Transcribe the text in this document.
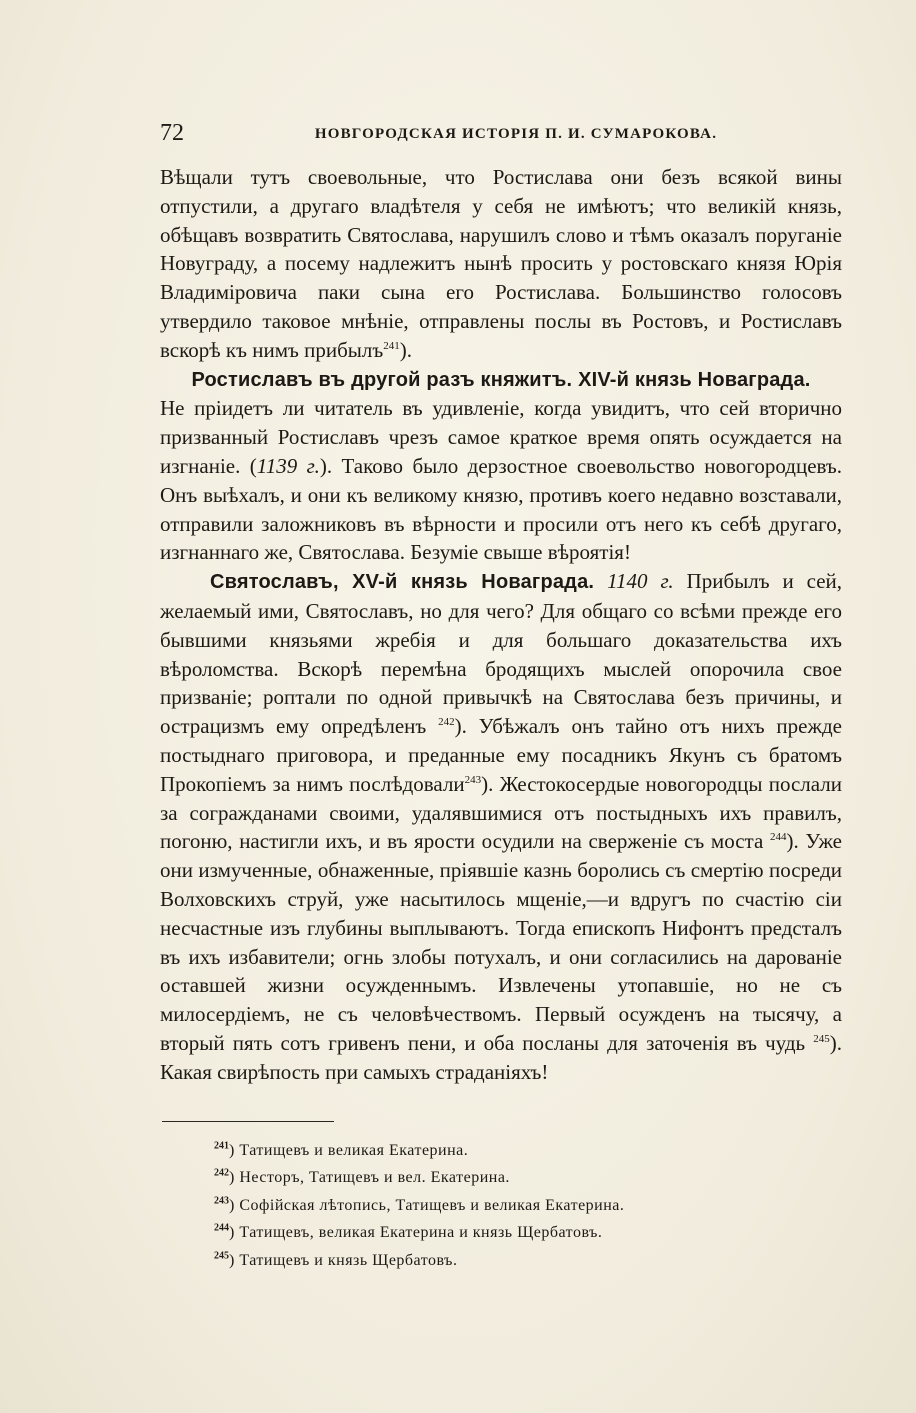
72	НОВГОРОДСКАЯ ИСТОРІЯ П. И. СУМАРОКОВА.

Вѣщали тутъ своевольные, что Ростислава они безъ всякой вины отпустили, а другаго владѣтеля у себя не имѣютъ; что великій князь, обѣщавъ возвратить Святослава, нарушилъ слово и тѣмъ оказалъ поруганіе Новуграду, а посему надлежитъ нынѣ просить у ростовскаго князя Юрія Владиміровича паки сына его Ростислава. Большинство голосовъ утвердило таковое мнѣніе, отправлены послы въ Ростовъ, и Ростиславъ вскорѣ къ нимъ прибылъ$^{241}$).

Ростиславъ въ другой разъ княжитъ. XIV-й князь Новаграда.

Не пріидетъ ли читатель въ удивленіе, когда увидитъ, что сей вторично призванный Ростиславъ чрезъ самое краткое время опять осуждается на изгнаніе. (1139 г.). Таково было дерзостное своевольство новогородцевъ. Онъ выѣхалъ, и они къ великому князю, противъ коего недавно возставали, отправили заложниковъ въ вѣрности и просили отъ него къ себѣ другаго, изгнаннаго же, Святослава. Безуміе свыше вѣроятія!

Святославъ, XV-й князь Новаграда. 1140 г. Прибылъ и сей, желаемый ими, Святославъ, но для чего? Для общаго со всѣми прежде его бывшими князьями жребія и для большаго доказательства ихъ вѣроломства. Вскорѣ перемѣна бродящихъ мыслей опорочила свое призваніе; роптали по одной привычкѣ на Святослава безъ причины, и острацизмъ ему опредѣленъ $^{242}$). Убѣжалъ онъ тайно отъ нихъ прежде постыднаго приговора, и преданные ему посадникъ Якунъ съ братомъ Прокопіемъ за нимъ послѣдовали$^{243}$). Жестокосердые новогородцы послали за согражданами своими, удалявшимися отъ постыдныхъ ихъ правилъ, погоню, настигли ихъ, и въ ярости осудили на сверженіе съ моста $^{244}$). Уже они измученные, обнаженные, пріявшіе казнь боролись съ смертію посреди Волховскихъ струй, уже насытилось мщеніе,—и вдругъ по счастію сіи несчастные изъ глубины выплываютъ. Тогда епископъ Нифонтъ предсталъ въ ихъ избавители; огнь злобы потухалъ, и они согласились на дарованіе оставшей жизни осужденнымъ. Извлечены утопавшіе, но не съ милосердіемъ, не съ человѣчествомъ. Первый осужденъ на тысячу, а вторый пять сотъ гривенъ пени, и оба посланы для заточенія въ чудь $^{245}$). Какая свирѣпость при самыхъ страданіяхъ!

$^{241}$) Татищевъ и великая Екатерина.
$^{242}$) Несторъ, Татищевъ и вел. Екатерина.
$^{243}$) Софійская лѣтопись, Татищевъ и великая Екатерина.
$^{244}$) Татищевъ, великая Екатерина и князь Щербатовъ.
$^{245}$) Татищевъ и князь Щербатовъ.
